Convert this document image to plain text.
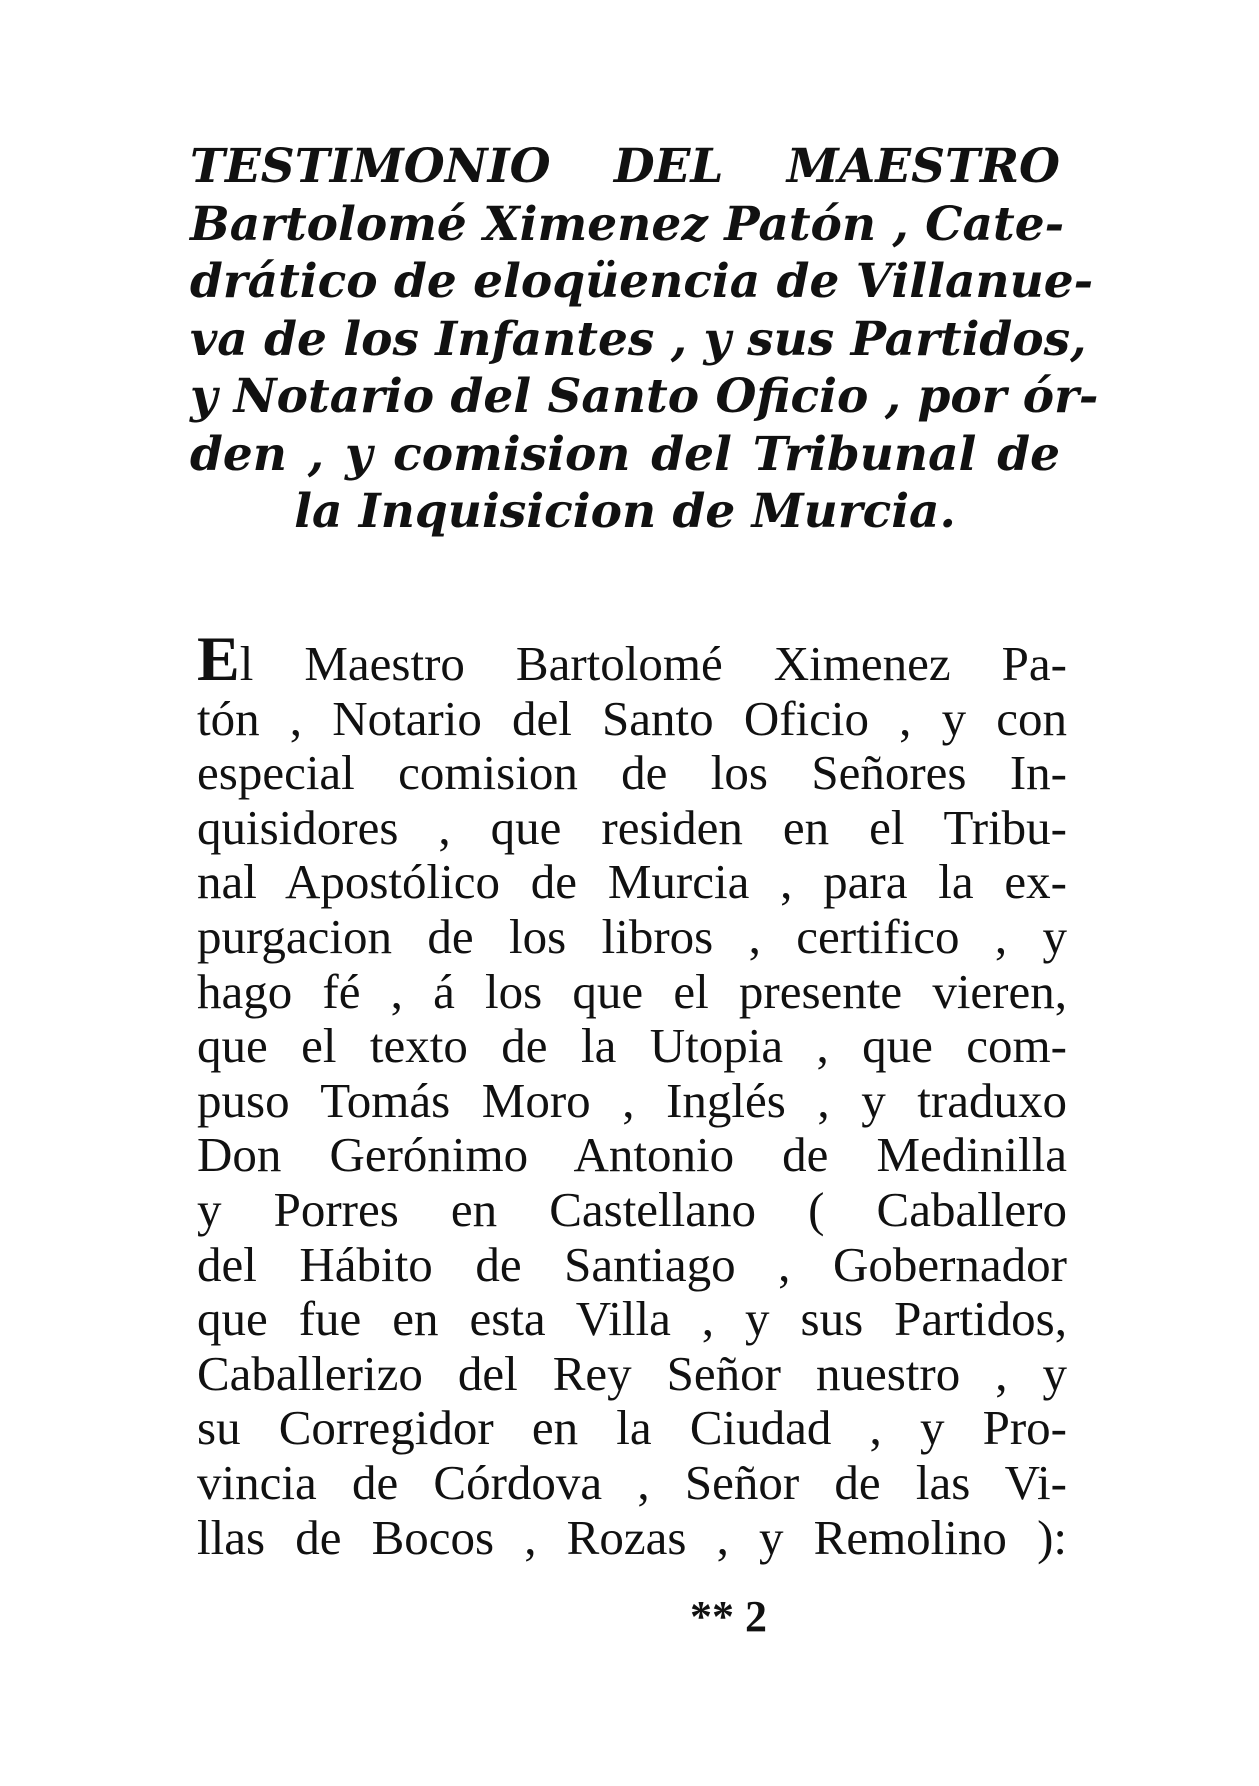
TESTIMONIO DEL MAESTRO
Bartolomé Ximenez Patón , Cate-
drático de eloqüencia de Villanue-
va de los Infantes , y sus Partidos,
y Notario del Santo Oficio , por ór-
den , y comision del Tribunal de
la Inquisicion de Murcia.
El Maestro Bartolomé Ximenez Pa-
tón , Notario del Santo Oficio , y con
especial comision de los Señores In-
quisidores , que residen en el Tribu-
nal Apostólico de Murcia , para la ex-
purgacion de los libros , certifico , y
hago fé , á los que el presente vieren,
que el texto de la Utopia , que com-
puso Tomás Moro , Inglés , y traduxo
Don Gerónimo Antonio de Medinilla
y Porres en Castellano ( Caballero
del Hábito de Santiago , Gobernador
que fue en esta Villa , y sus Partidos,
Caballerizo del Rey Señor nuestro , y
su Corregidor en la Ciudad , y Pro-
vincia de Córdova , Señor de las Vi-
llas de Bocos , Rozas , y Remolino ):
** 2
